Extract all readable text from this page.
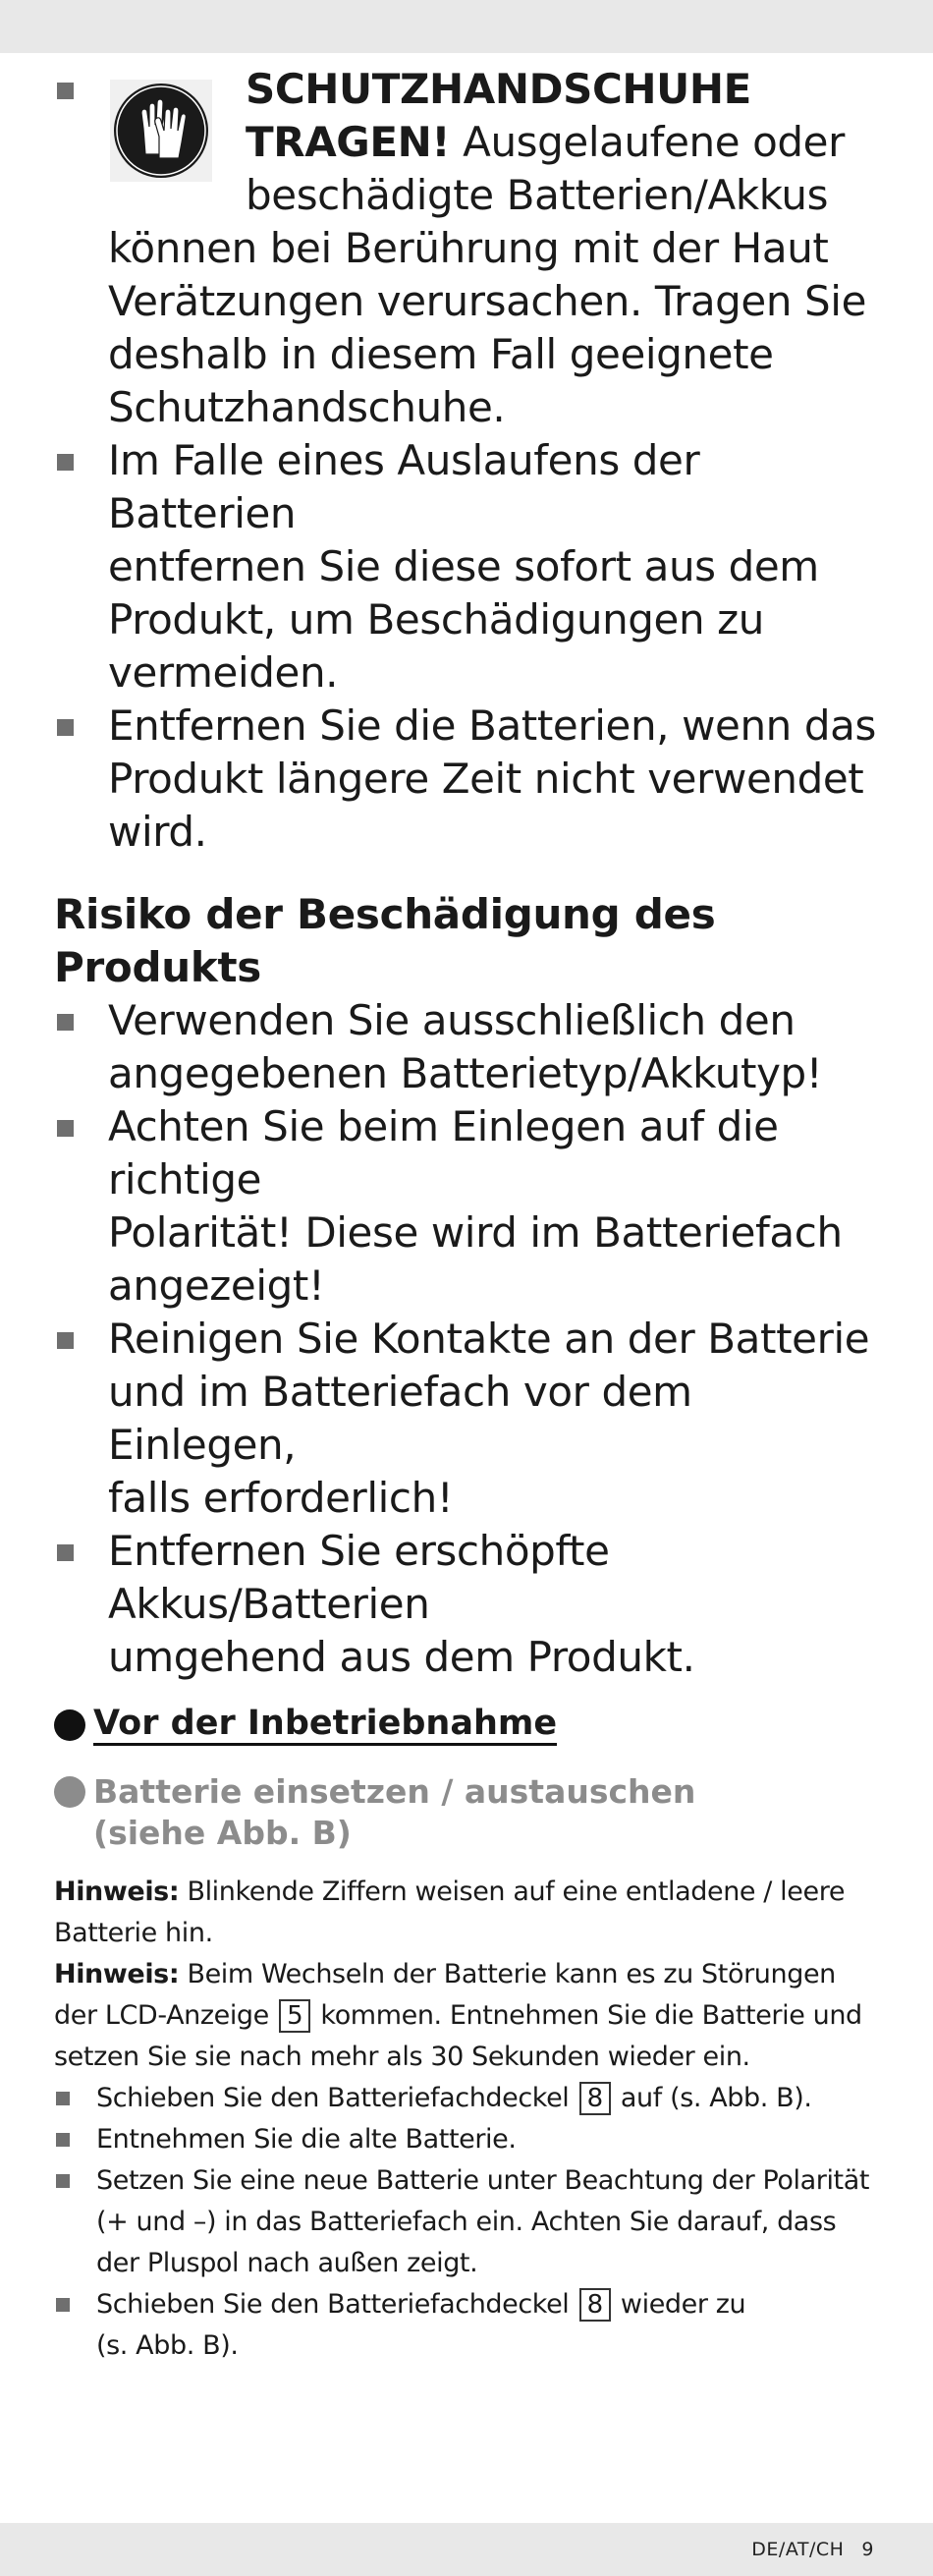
SCHUTZHANDSCHUHE
TRAGEN! Ausgelaufene oder
beschädigte Batterien/Akkus
können bei Berührung mit der Haut
Verätzungen verursachen. Tragen Sie
deshalb in diesem Fall geeignete
Schutzhandschuhe.
Im Falle eines Auslaufens der Batterien
entfernen Sie diese sofort aus dem
Produkt, um Beschädigungen zu
vermeiden.
Entfernen Sie die Batterien, wenn das
Produkt längere Zeit nicht verwendet
wird.
Risiko der Beschädigung des
Produkts
Verwenden Sie ausschließlich den
angegebenen Batterietyp/Akkutyp!
Achten Sie beim Einlegen auf die richtige
Polarität! Diese wird im Batteriefach
angezeigt!
Reinigen Sie Kontakte an der Batterie
und im Batteriefach vor dem Einlegen,
falls erforderlich!
Entfernen Sie erschöpfte Akkus/Batterien
umgehend aus dem Produkt.
Vor der Inbetriebnahme
Batterie einsetzen / austauschen
(siehe Abb. B)

Hinweis: Blinkende Ziffern weisen auf eine entladene / leere

Batterie hin.

Hinweis: Beim Wechseln der Batterie kann es zu Störungen

der LCD-Anzeige 5 kommen. Entnehmen Sie die Batterie und

setzen Sie sie nach mehr als 30 Sekunden wieder ein.

Schieben Sie den Batteriefachdeckel 8 auf (s. Abb. B).
Entnehmen Sie die alte Batterie.
Setzen Sie eine neue Batterie unter Beachtung der Polarität
(+ und –) in das Batteriefach ein. Achten Sie darauf, dass
der Pluspol nach außen zeigt.
Schieben Sie den Batteriefachdeckel 8 wieder zu
(s. Abb. B).
DE/AT/CH 9
